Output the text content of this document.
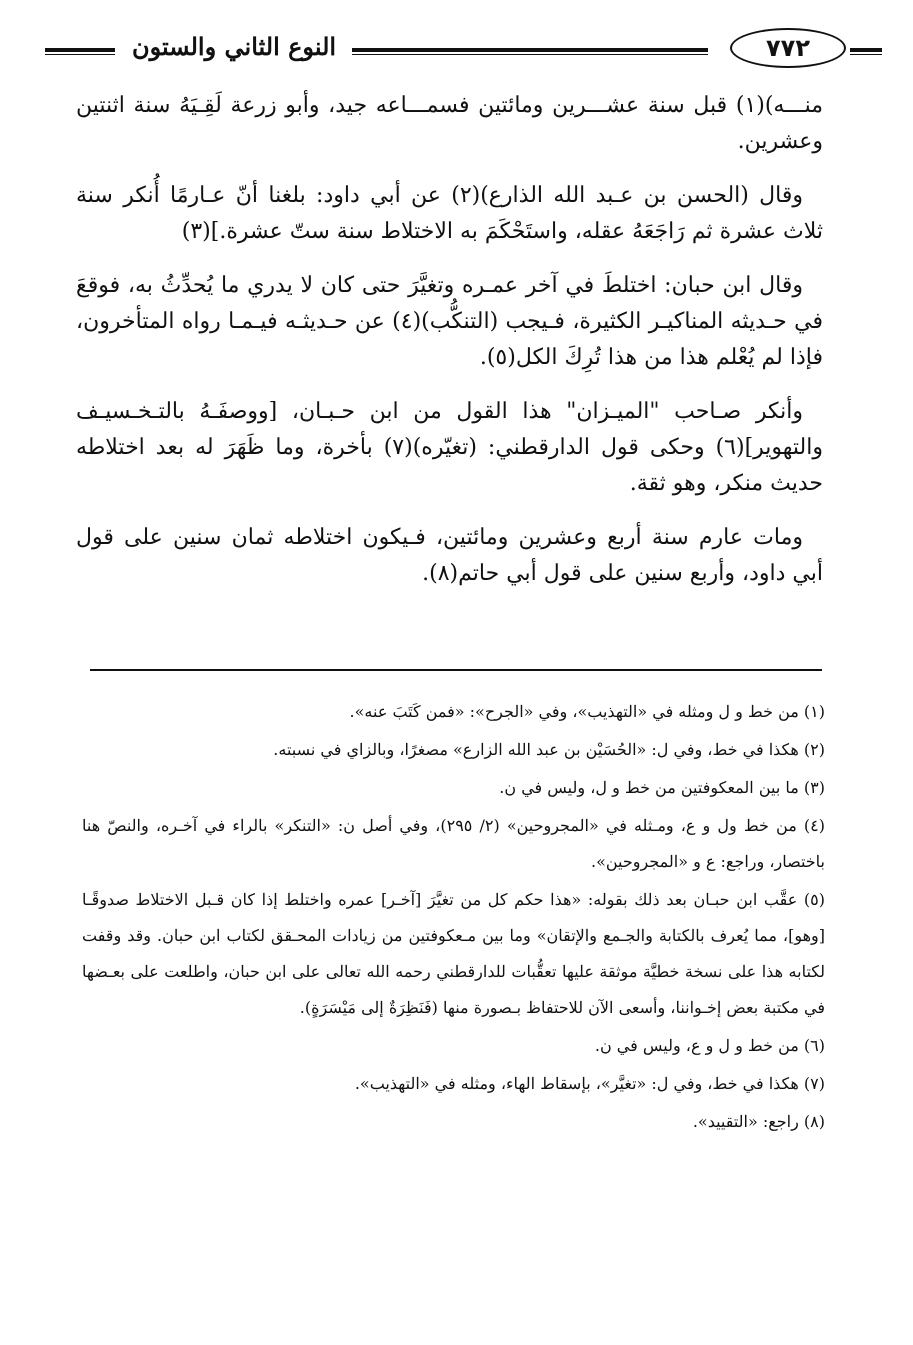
النوع الثاني والستون	٧٧٢

منـــه)(١) قبل سنة عشـــرين ومائتين فسمـــاعه جيد، وأبو زرعة لَقِـيَهُ سنة اثنتين وعشرين.

وقال (الحسن بن عـبد الله الذارع)(٢) عن أبي داود: بلغنا أنّ عـارمًا أُنكر سنة ثلاث عشرة ثم رَاجَعَهُ عقله، واستَحْكَمَ به الاختلاط سنة ستّ عشرة.](٣)

وقال ابن حبان: اختلطَ في آخر عمـره وتغيَّرَ حتى كان لا يدري ما يُحدِّثُ به، فوقعَ في حـديثه المناكيـر الكثيرة، فـيجب (التنكُّب)(٤) عن حـديثـه فيـمـا رواه المتأخرون، فإذا لم يُعْلم هذا من هذا تُرِكَ الكل(٥).

وأنكر صـاحب "الميـزان" هذا القول من ابن حـبـان، [ووصفَـهُ بالتـخـسيـف والتهوير](٦) وحكى قول الدارقطني: (تغيّره)(٧) بأخرة، وما ظَهَرَ له بعد اختلاطه حديث منكر، وهو ثقة.

ومات عارم سنة أربع وعشرين ومائتين، فـيكون اختلاطه ثمان سنين على قول أبي داود، وأربع سنين على قول أبي حاتم(٨).

(١) من خط و ل ومثله في «التهذيب»، وفي «الجرح»: «فمن كَتَبَ عنه».

(٢) هكذا في خط، وفي ل: «الحُسَيْن بن عبد الله الزارع» مصغرًا، وبالزاي في نسبته.

(٣) ما بين المعكوفتين من خط و ل، وليس في ن.

(٤) من خط ول و ع، ومـثله في «المجروحين» (٢/ ٢٩٥)، وفي أصل ن: «التنكر» بالراء في آخـره، والنصّ هنا باختصار، وراجع: ع و «المجروحين».

(٥) عقَّب ابن حبـان بعد ذلك بقوله: «هذا حكم كل من تغيَّرَ [آخـر] عمره واختلط إذا كان قـبل الاختلاط صدوقًـا [وهو]، مما يُعرف بالكتابة والجـمع والإتقان» وما بين مـعكوفتين من زيادات المحـقق لكتاب ابن حبان. وقد وقفت لكتابه هذا على نسخة خطيَّة موثقة عليها تعقُّبات للدارقطني رحمه الله تعالى على ابن حبان، واطلعت على بعـضها في مكتبة بعض إخـواننا، وأسعى الآن للاحتفاظ بـصورة منها (فَنَظِرَةٌ إلى مَيْسَرَةٍ).

(٦) من خط و ل و ع، وليس في ن.

(٧) هكذا في خط، وفي ل: «تغيَّر»، بإسقاط الهاء، ومثله في «التهذيب».

(٨) راجع: «التقييد».
